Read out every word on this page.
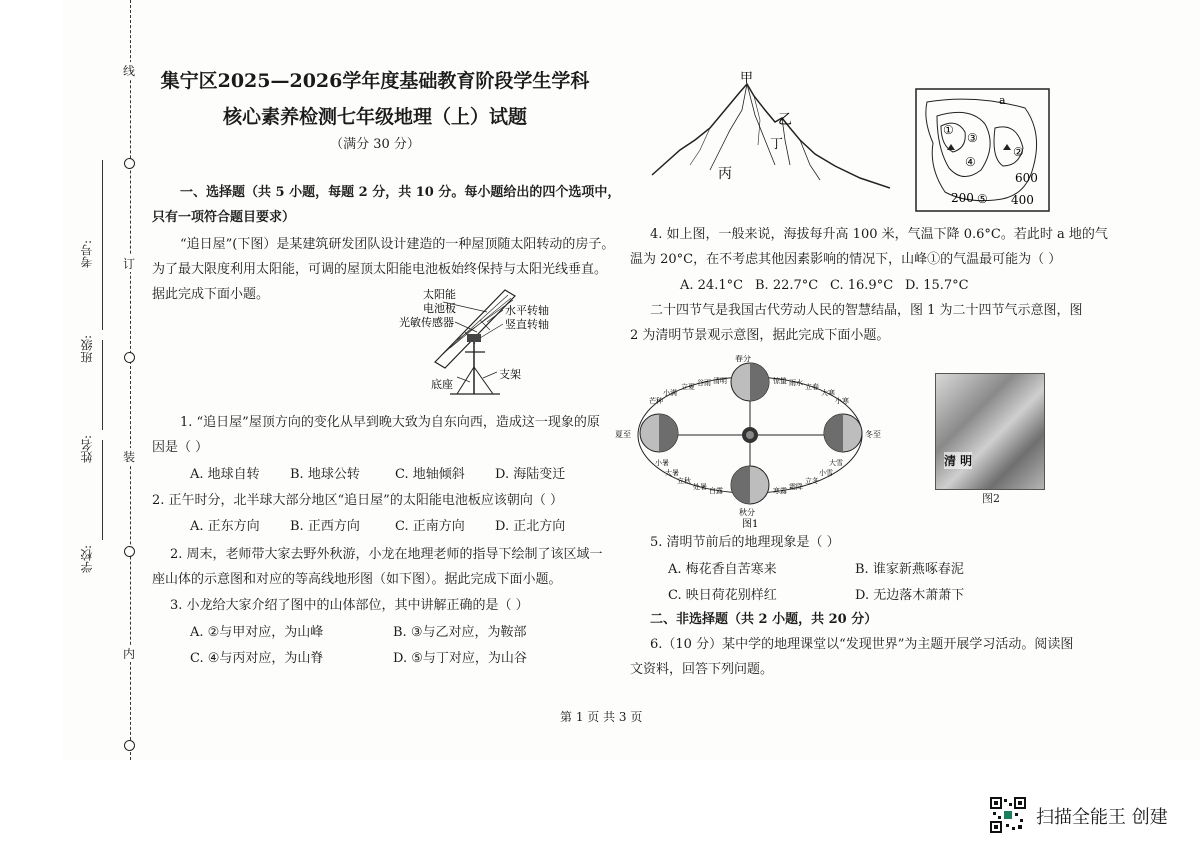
线
订
装
内
学校:
姓名:
班级:
考号:
集宁区2025—2026学年度基础教育阶段学生学科
核心素养检测七年级地理（上）试题
（满分 30 分）
一、选择题（共 5 小题，每题 2 分，共 10 分。每小题给出的四个选项中，
只有一项符合题目要求）
“追日屋”(下图）是某建筑研发团队设计建造的一种屋顶随太阳转动的房子。
为了最大限度利用太阳能，可调的屋顶太阳能电池板始终保持与太阳光线垂直。
据此完成下面小题。	太阳能
电池板
光敏传感器
水平转轴
竖直转轴
底座
支架
1. “追日屋”屋顶方向的变化从早到晚大致为自东向西，造成这一现象的原
因是（ ）
A. 地球自转 B. 地球公转	C. 地轴倾斜 D. 海陆变迁
2. 正午时分，北半球大部分地区“追日屋”的太阳能电池板应该朝向（ ）
A. 正东方向 B. 正西方向	C. 正南方向 D. 正北方向
2. 周末，老师带大家去野外秋游，小龙在地理老师的指导下绘制了该区域一
座山体的示意图和对应的等高线地形图（如下图）。据此完成下面小题。
3. 小龙给大家介绍了图中的山体部位，其中讲解正确的是（ ）
A. ②与甲对应，为山峰	B. ③与乙对应，为鞍部
C. ④与丙对应，为山脊	D. ⑤与丁对应，为山谷
第 1 页 共 3 页
甲
乙
丙
丁
a
①
②
③
④
⑤
600
200	400
4. 如上图，一般来说，海拔每升高 100 米，气温下降 0.6°C。若此时 a 地的气
温为 20°C，在不考虑其他因素影响的情况下，山峰①的气温最可能为（ ）
A. 24.1°C B. 22.7°C C. 16.9°C D. 15.7°C
二十四节气是我国古代劳动人民的智慧结晶，图 1 为二十四节气示意图，图
2 为清明节景观示意图，据此完成下面小题。
春分
夏至
秋分
冬至
清明
谷雨
立夏
小满
芒种
惊蛰 雨水 立春
大寒
小寒
小暑
大暑
立秋
处暑 白露	寒露 霜降
立冬
小雪
大雪
图1
清 明
图2
5. 清明节前后的地理现象是（ ）
A. 梅花香自苦寒来	B. 谁家新燕啄春泥
C. 映日荷花别样红	D. 无边落木萧萧下
二、非选择题（共 2 小题，共 20 分）
6.（10 分）某中学的地理课堂以“发现世界”为主题开展学习活动。阅读图
文资料，回答下列问题。
扫描全能王 创建
